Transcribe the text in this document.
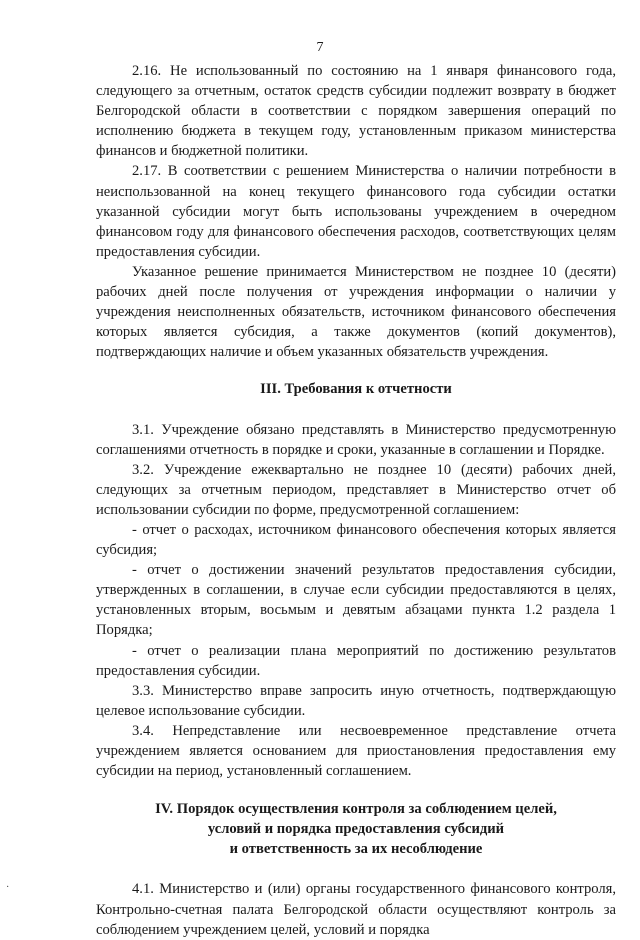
7

2.16. Не использованный по состоянию на 1 января финансового года, следующего за отчетным, остаток средств субсидии подлежит возврату в бюджет Белгородской области в соответствии с порядком завершения операций по исполнению бюджета в текущем году, установленным приказом министерства финансов и бюджетной политики.

2.17. В соответствии с решением Министерства о наличии потребности в неиспользованной на конец текущего финансового года субсидии остатки указанной субсидии могут быть использованы учреждением в очередном финансовом году для финансового обеспечения расходов, соответствующих целям предоставления субсидии.

Указанное решение принимается Министерством не позднее 10 (десяти) рабочих дней после получения от учреждения информации о наличии у учреждения неисполненных обязательств, источником финансового обеспечения которых является субсидия, а также документов (копий документов), подтверждающих наличие и объем указанных обязательств учреждения.

III. Требования к отчетности

3.1. Учреждение обязано представлять в Министерство предусмотренную соглашениями отчетность в порядке и сроки, указанные в соглашении и Порядке.

3.2. Учреждение ежеквартально не позднее 10 (десяти) рабочих дней, следующих за отчетным периодом, представляет в Министерство отчет об использовании субсидии по форме, предусмотренной соглашением:

- отчет о расходах, источником финансового обеспечения которых является субсидия;

- отчет о достижении значений результатов предоставления субсидии, утвержденных в соглашении, в случае если субсидии предоставляются в целях, установленных вторым, восьмым и девятым абзацами пункта 1.2 раздела 1 Порядка;

- отчет о реализации плана мероприятий по достижению результатов предоставления субсидии.

3.3. Министерство вправе запросить иную отчетность, подтверждающую целевое использование субсидии.

3.4. Непредставление или несвоевременное представление отчета учреждением является основанием для приостановления предоставления ему субсидии на период, установленный соглашением.

IV. Порядок осуществления контроля за соблюдением целей,
условий и порядка предоставления субсидий
и ответственность за их несоблюдение

4.1. Министерство и (или) органы государственного финансового контроля, Контрольно-счетная палата Белгородской области осуществляют контроль за соблюдением учреждением целей, условий и порядка

·
